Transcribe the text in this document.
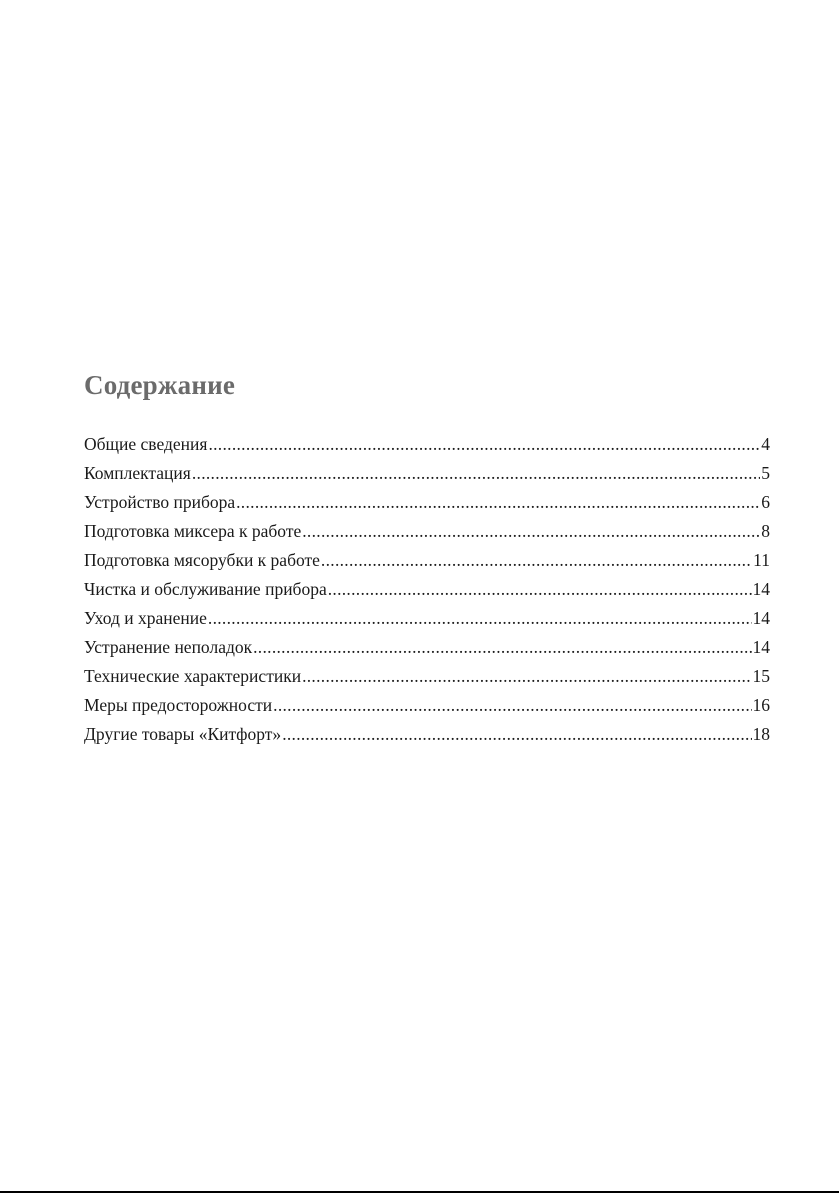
Содержание
Общие сведения .....	4
Комплектация .....	5
Устройство прибора .....	6
Подготовка миксера к работе .....	8
Подготовка мясорубки к работе .....	11
Чистка и обслуживание прибора .....	14
Уход и хранение .....	14
Устранение неполадок .....	14
Технические характеристики .....	15
Меры предосторожности .....	16
Другие товары «Китфорт» .....	18
